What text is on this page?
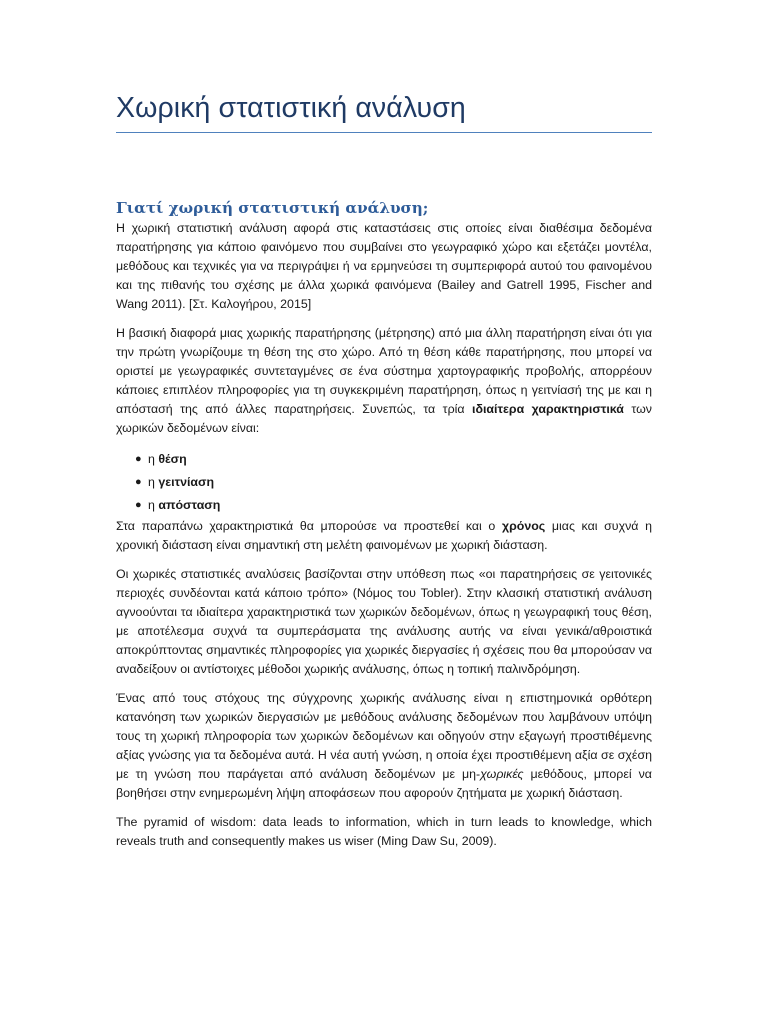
Χωρική στατιστική ανάλυση
Γιατί χωρική στατιστική ανάλυση;

Η χωρική στατιστική ανάλυση αφορά στις καταστάσεις στις οποίες είναι διαθέσιμα δεδομένα παρατήρησης για κάποιο φαινόμενο που συμβαίνει στο γεωγραφικό χώρο και εξετάζει μοντέλα, μεθόδους και τεχνικές για να περιγράψει ή να ερμηνεύσει τη συμπεριφορά αυτού του φαινομένου και της πιθανής του σχέσης με άλλα χωρικά φαινόμενα (Bailey and Gatrell 1995, Fischer and Wang 2011). [Στ. Καλογήρου, 2015]

Η βασική διαφορά μιας χωρικής παρατήρησης (μέτρησης) από μια άλλη παρατήρηση είναι ότι για την πρώτη γνωρίζουμε τη θέση της στο χώρο. Από τη θέση κάθε παρατήρησης, που μπορεί να οριστεί με γεωγραφικές συντεταγμένες σε ένα σύστημα χαρτογραφικής προβολής, απορρέουν κάποιες επιπλέον πληροφορίες για τη συγκεκριμένη παρατήρηση, όπως η γειτνίασή της με και η απόστασή της από άλλες παρατηρήσεις. Συνεπώς, τα τρία ιδιαίτερα χαρακτηριστικά των χωρικών δεδομένων είναι:

● η θέση
● η γειτνίαση
● η απόσταση

Στα παραπάνω χαρακτηριστικά θα μπορούσε να προστεθεί και ο χρόνος μιας και συχνά η χρονική διάσταση είναι σημαντική στη μελέτη φαινομένων με χωρική διάσταση.

Οι χωρικές στατιστικές αναλύσεις βασίζονται στην υπόθεση πως «οι παρατηρήσεις σε γειτονικές περιοχές συνδέονται κατά κάποιο τρόπο» (Νόμος του Tobler). Στην κλασική στατιστική ανάλυση αγνοούνται τα ιδιαίτερα χαρακτηριστικά των χωρικών δεδομένων, όπως η γεωγραφική τους θέση, με αποτέλεσμα συχνά τα συμπεράσματα της ανάλυσης αυτής να είναι γενικά/αθροιστικά αποκρύπτοντας σημαντικές πληροφορίες για χωρικές διεργασίες ή σχέσεις που θα μπορούσαν να αναδείξουν οι αντίστοιχες μέθοδοι χωρικής ανάλυσης, όπως η τοπική παλινδρόμηση.

Ένας από τους στόχους της σύγχρονης χωρικής ανάλυσης είναι η επιστημονικά ορθότερη κατανόηση των χωρικών διεργασιών με μεθόδους ανάλυσης δεδομένων που λαμβάνουν υπόψη τους τη χωρική πληροφορία των χωρικών δεδομένων και οδηγούν στην εξαγωγή προστιθέμενης αξίας γνώσης για τα δεδομένα αυτά. Η νέα αυτή γνώση, η οποία έχει προστιθέμενη αξία σε σχέση με τη γνώση που παράγεται από ανάλυση δεδομένων με μη-χωρικές μεθόδους, μπορεί να βοηθήσει στην ενημερωμένη λήψη αποφάσεων που αφορούν ζητήματα με χωρική διάσταση.

The pyramid of wisdom: data leads to information, which in turn leads to knowledge, which reveals truth and consequently makes us wiser (Ming Daw Su, 2009).
